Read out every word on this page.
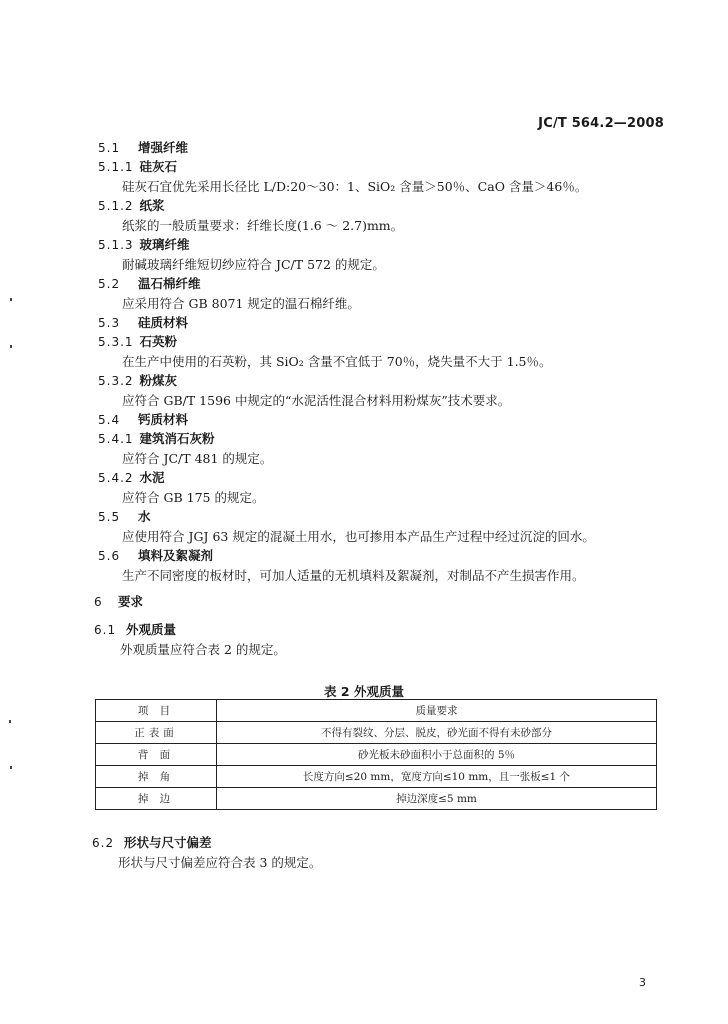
JC/T 564.2—2008
5.1 增强纤维
5.1.1 硅灰石
硅灰石宜优先采用长径比 L/D:20～30：1、SiO₂ 含量＞50％、CaO 含量＞46％。
5.1.2 纸浆
纸浆的一般质量要求：纤维长度(1.6 ～ 2.7)mm。
5.1.3 玻璃纤维
耐碱玻璃纤维短切纱应符合 JC/T 572 的规定。
5.2 温石棉纤维
应采用符合 GB 8071 规定的温石棉纤维。
5.3 硅质材料
5.3.1 石英粉
在生产中使用的石英粉，其 SiO₂ 含量不宜低于 70％，烧失量不大于 1.5％。
5.3.2 粉煤灰
应符合 GB/T 1596 中规定的“水泥活性混合材料用粉煤灰”技术要求。
5.4 钙质材料
5.4.1 建筑消石灰粉
应符合 JC/T 481 的规定。
5.4.2 水泥
应符合 GB 175 的规定。
5.5 水
应使用符合 JGJ 63 规定的混凝土用水，也可掺用本产品生产过程中经过沉淀的回水。
5.6 填料及絮凝剂
生产不同密度的板材时，可加人适量的无机填料及絮凝剂，对制品不产生损害作用。
6 要求
6.1 外观质量
外观质量应符合表 2 的规定。
表 2 外观质量
项 目	质量要求
正表面	不得有裂纹、分层、脱皮，砂光面不得有未砂部分
背 面	砂光板未砂面积小于总面积的 5％
掉 角	长度方向≤20 mm，宽度方向≤10 mm，且一张板≤1 个
掉 边	掉边深度≤5 mm
6.2 形状与尺寸偏差
形状与尺寸偏差应符合表 3 的规定。
3
